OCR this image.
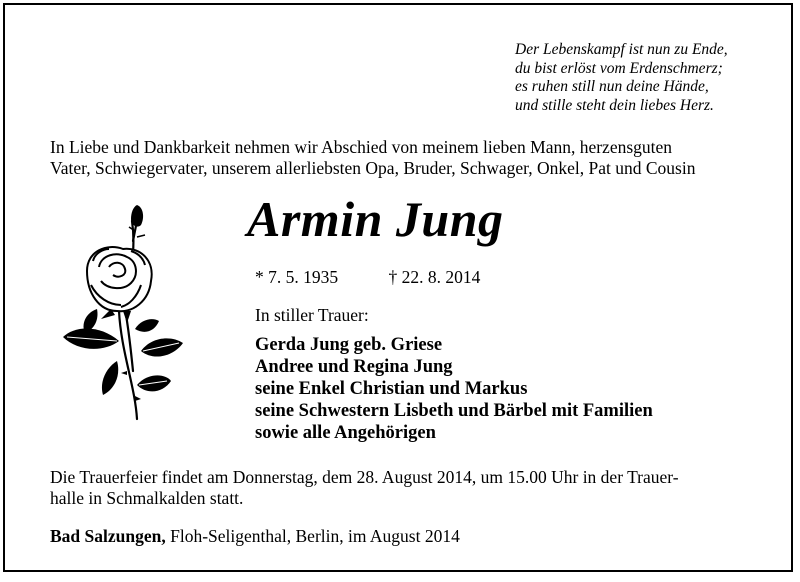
Der Lebenskampf ist nun zu Ende,
du bist erlöst vom Erdenschmerz;
es ruhen still nun deine Hände,
und stille steht dein liebes Herz.
In Liebe und Dankbarkeit nehmen wir Abschied von meinem lieben Mann, herzensguten
Vater, Schwiegervater, unserem allerliebsten Opa, Bruder, Schwager, Onkel, Pat und Cousin
Armin Jung
* 7. 5. 1935	† 22. 8. 2014
In stiller Trauer:
Gerda Jung geb. Griese
Andree und Regina Jung
seine Enkel Christian und Markus
seine Schwestern Lisbeth und Bärbel mit Familien
sowie alle Angehörigen
Die Trauerfeier findet am Donnerstag, dem 28. August 2014, um 15.00 Uhr in der Trauer-
halle in Schmalkalden statt.
Bad Salzungen, Floh-Seligenthal, Berlin, im August 2014
